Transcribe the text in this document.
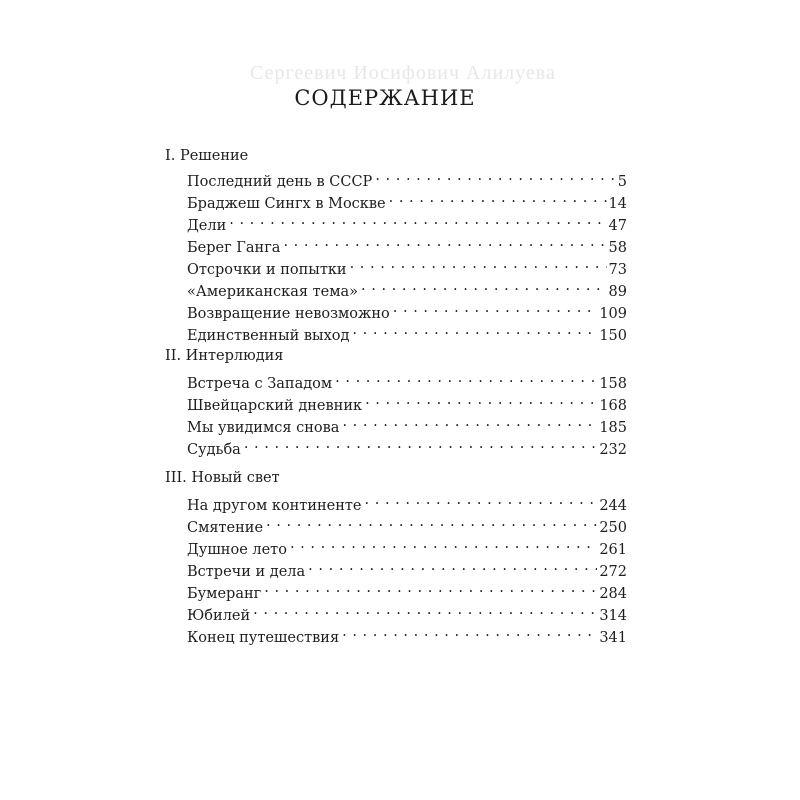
Сергеевич Иосифович Алилуева
СОДЕРЖАНИЕ
I. Решение
Последний день в СССР . . .	5
Браджеш Сингх в Москве . . .	14
Дели . . .	47
Берег Ганга . . .	58
Отсрочки и попытки . . .	73
«Американская тема» . . .	89
Возвращение невозможно . . .	109
Единственный выход . . .	150
II. Интерлюдия
Встреча с Западом . . .	158
Швейцарский дневник . . .	168
Мы увидимся снова . . .	185
Судьба . . .	232
III. Новый свет
На другом континенте . . .	244
Смятение . . .	250
Душное лето . . .	261
Встречи и дела . . .	272
Бумеранг . . .	284
Юбилей . . .	314
Конец путешествия . . .	341
